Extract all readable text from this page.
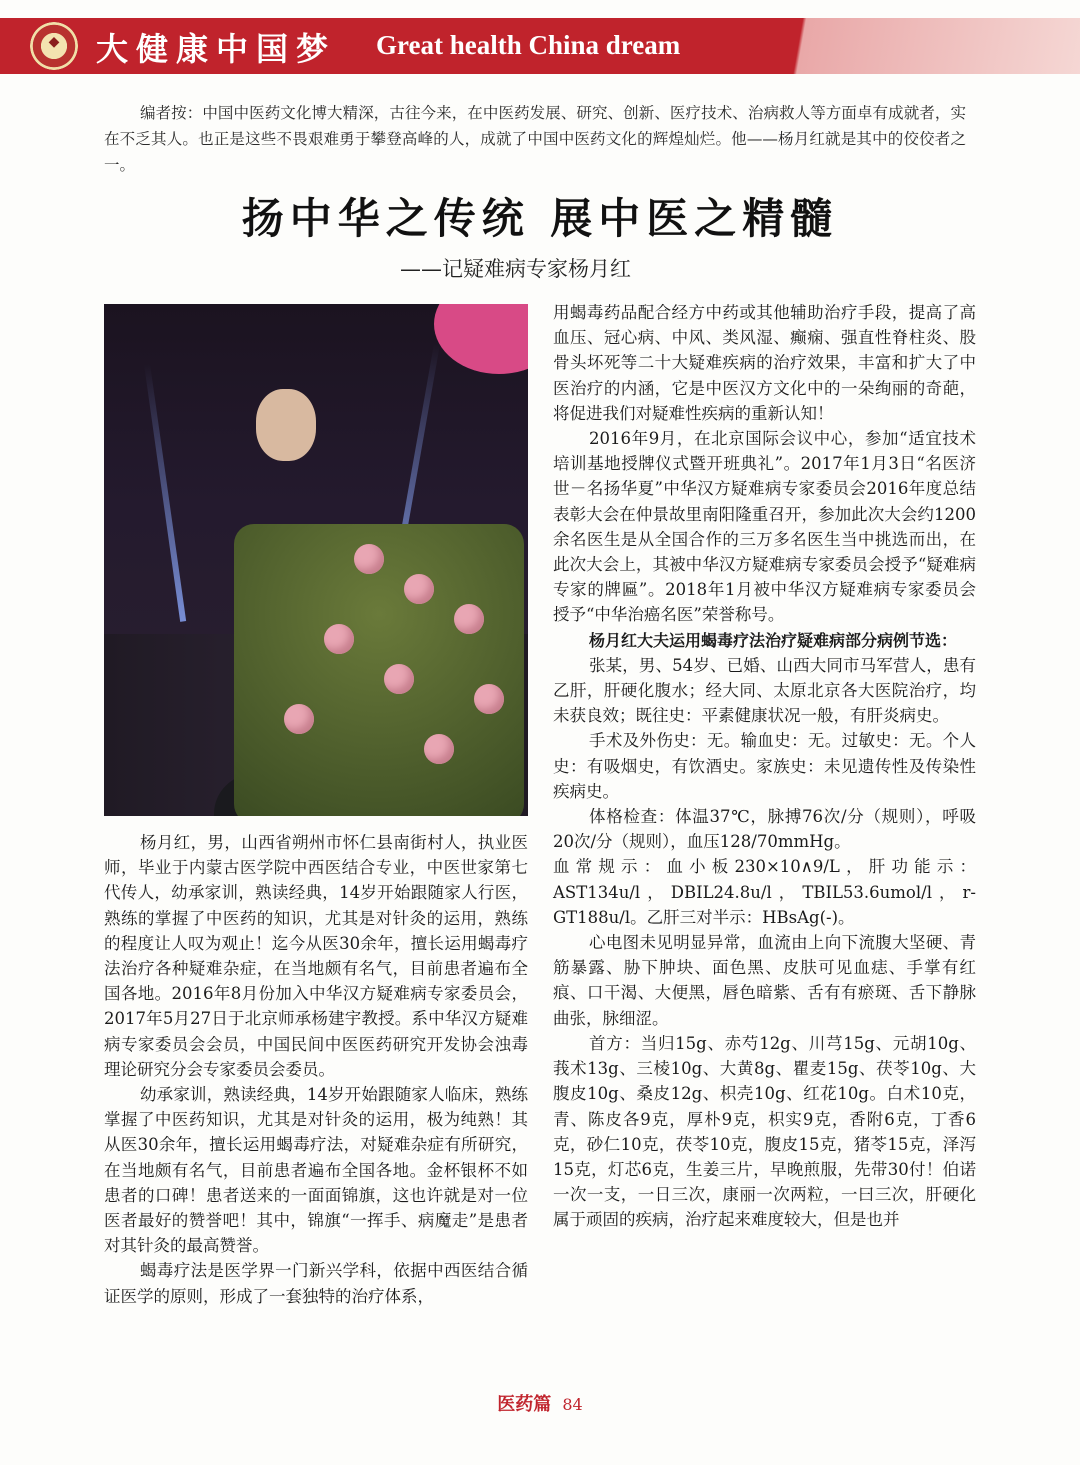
◆	大健康中国梦 Great health China dream
编者按：中国中医药文化博大精深，古往今来，在中医药发展、研究、创新、医疗技术、治病救人等方面卓有成就者，实在不乏其人。也正是这些不畏艰难勇于攀登高峰的人，成就了中国中医药文化的辉煌灿烂。他——杨月红就是其中的佼佼者之一。
扬中华之传统 展中医之精髓
——记疑难病专家杨月红

杨月红，男，山西省朔州市怀仁县南街村人，执业医师，毕业于内蒙古医学院中西医结合专业，中医世家第七代传人，幼承家训，熟读经典，14岁开始跟随家人行医，熟练的掌握了中医药的知识，尤其是对针灸的运用，熟练的程度让人叹为观止！迄今从医30余年，擅长运用蝎毒疗法治疗各种疑难杂症，在当地颇有名气，目前患者遍布全国各地。2016年8月份加入中华汉方疑难病专家委员会，2017年5月27日于北京师承杨建宇教授。系中华汉方疑难病专家委员会会员，中国民间中医医药研究开发协会浊毒理论研究分会专家委员会委员。

幼承家训，熟读经典，14岁开始跟随家人临床，熟练掌握了中医药知识，尤其是对针灸的运用，极为纯熟！其从医30余年，擅长运用蝎毒疗法，对疑难杂症有所研究，在当地颇有名气，目前患者遍布全国各地。金杯银杯不如患者的口碑！患者送来的一面面锦旗，这也许就是对一位医者最好的赞誉吧！其中，锦旗“一挥手、病魔走”是患者对其针灸的最高赞誉。

蝎毒疗法是医学界一门新兴学科，依据中西医结合循证医学的原则，形成了一套独特的治疗体系，

用蝎毒药品配合经方中药或其他辅助治疗手段，提高了高血压、冠心病、中风、类风湿、癫痫、强直性脊柱炎、股骨头坏死等二十大疑难疾病的治疗效果，丰富和扩大了中医治疗的内涵，它是中医汉方文化中的一朵绚丽的奇葩，将促进我们对疑难性疾病的重新认知！

2016年9月，在北京国际会议中心，参加“适宜技术培训基地授牌仪式暨开班典礼”。2017年1月3日“名医济世－名扬华夏”中华汉方疑难病专家委员会2016年度总结表彰大会在仲景故里南阳隆重召开，参加此次大会约1200余名医生是从全国合作的三万多名医生当中挑选而出，在此次大会上，其被中华汉方疑难病专家委员会授予“疑难病专家的牌匾”。2018年1月被中华汉方疑难病专家委员会授予“中华治癌名医”荣誉称号。

杨月红大夫运用蝎毒疗法治疗疑难病部分病例节选：

张某，男、54岁、已婚、山西大同市马军营人，患有乙肝，肝硬化腹水；经大同、太原北京各大医院治疗，均未获良效；既往史：平素健康状况一般，有肝炎病史。

手术及外伤史：无。输血史：无。过敏史：无。个人史：有吸烟史，有饮酒史。家族史：未见遗传性及传染性疾病史。

体格检查：体温37℃，脉搏76次/分（规则），呼吸20次/分（规则），血压128/70mmHg。

血常规示：血小板230×10∧9/L，肝功能示：AST134u/l，DBIL24.8u/l，TBIL53.6umol/l，r-GT188u/l。乙肝三对半示：HBsAg(-)。

心电图未见明显异常，血流由上向下流腹大坚硬、青筋暴露、胁下肿块、面色黑、皮肤可见血痣、手掌有红痕、口干渴、大便黑，唇色暗紫、舌有有瘀斑、舌下静脉曲张，脉细涩。

首方：当归15g、赤芍12g、川芎15g、元胡10g、莪术13g、三棱10g、大黄8g、瞿麦15g、茯苓10g、大腹皮10g、桑皮12g、枳壳10g、红花10g。白术10克，青、陈皮各9克，厚朴9克，枳实9克，香附6克，丁香6克，砂仁10克，茯苓10克，腹皮15克，猪苓15克，泽泻15克，灯芯6克，生姜三片，早晚煎服，先带30付！伯诺一次一支，一日三次，康丽一次两粒，一曰三次，肝硬化属于顽固的疾病，治疗起来难度较大，但是也并

医药篇 84
